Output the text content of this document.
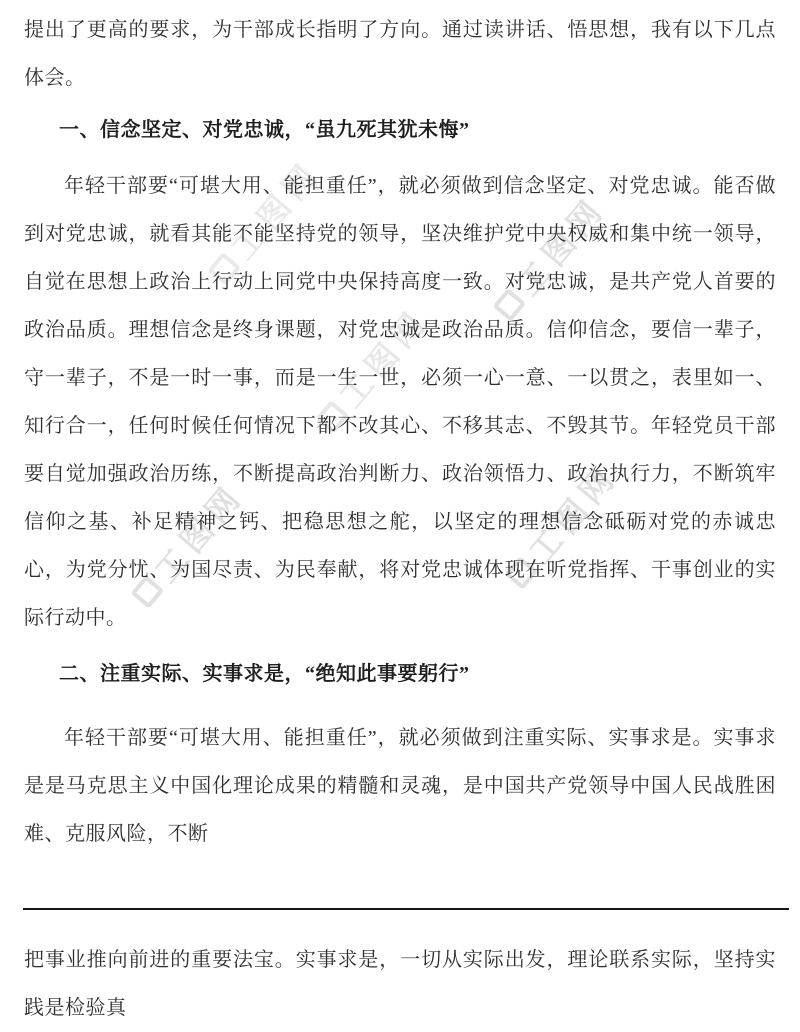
工图网	工图网
工图网
工图网
工图网

提出了更高的要求，为干部成长指明了方向。通过读讲话、悟思想，我有以下几点体会。

一、信念坚定、对党忠诚，“虽九死其犹未悔”

年轻干部要“可堪大用、能担重任”，就必须做到信念坚定、对党忠诚。能否做到对党忠诚，就看其能不能坚持党的领导，坚决维护党中央权威和集中统一领导，自觉在思想上政治上行动上同党中央保持高度一致。对党忠诚，是共产党人首要的政治品质。理想信念是终身课题，对党忠诚是政治品质。信仰信念，要信一辈子，守一辈子，不是一时一事，而是一生一世，必须一心一意、一以贯之，表里如一、知行合一，任何时候任何情况下都不改其心、不移其志、不毁其节。年轻党员干部要自觉加强政治历练，不断提高政治判断力、政治领悟力、政治执行力，不断筑牢信仰之基、补足精神之钙、把稳思想之舵，以坚定的理想信念砥砺对党的赤诚忠心，为党分忧、为国尽责、为民奉献，将对党忠诚体现在听党指挥、干事创业的实际行动中。

二、注重实际、实事求是，“绝知此事要躬行”

年轻干部要“可堪大用、能担重任”，就必须做到注重实际、实事求是。实事求是是马克思主义中国化理论成果的精髓和灵魂，是中国共产党领导中国人民战胜困难、克服风险，不断

把事业推向前进的重要法宝。实事求是，一切从实际出发，理论联系实际，坚持实践是检验真
